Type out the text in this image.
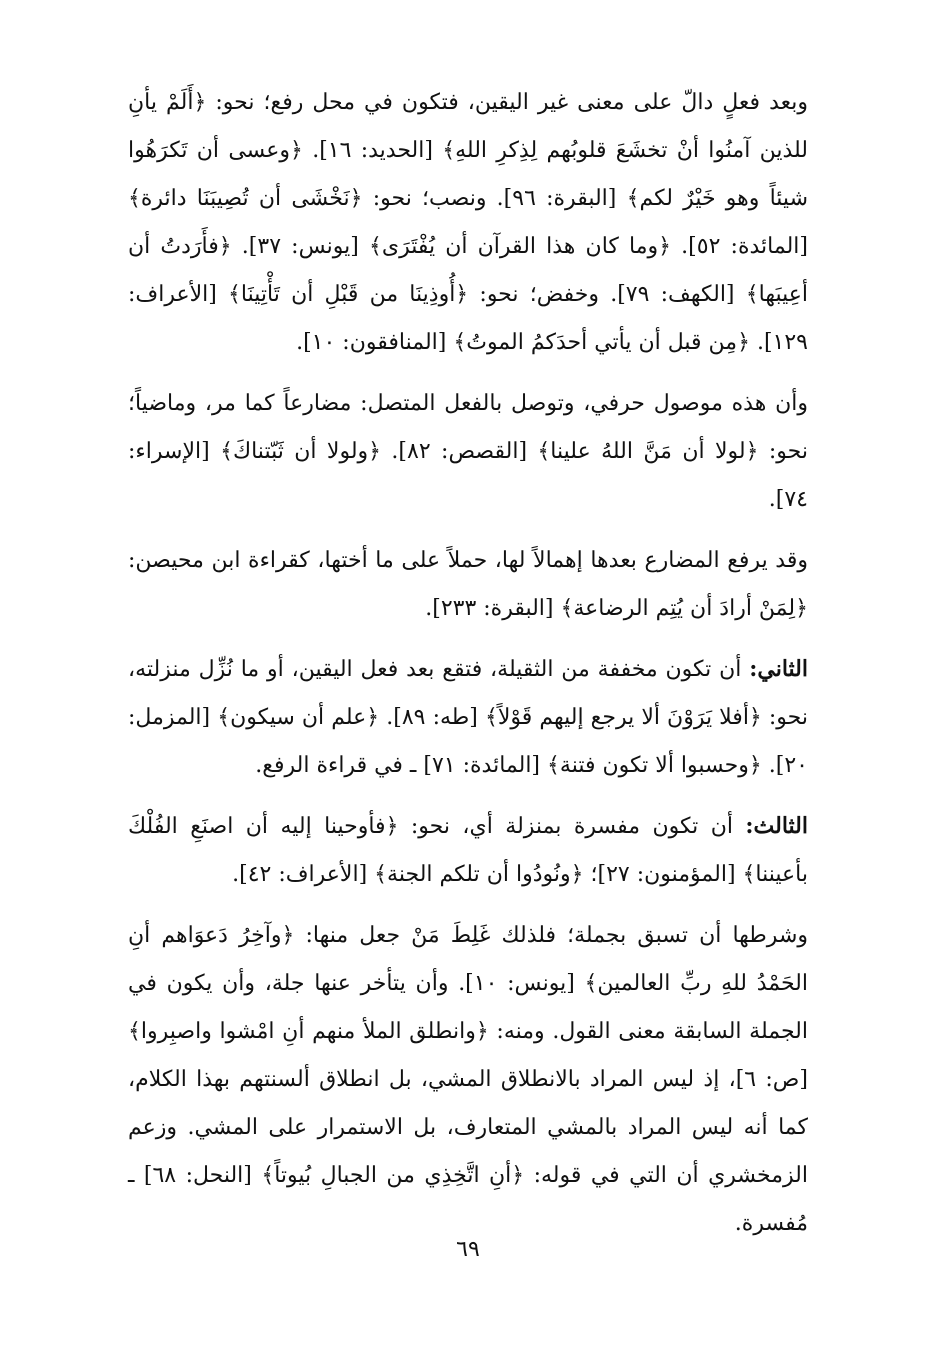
وبعد فعلٍ دالّ على معنى غير اليقين، فتكون في محل رفع؛ نحو: ﴿أَلَمْ يأنِ للذين آمنُوا أنْ تخشَعَ قلوبُهم لِذِكرِ اللهِ﴾ [الحديد: ١٦]. ﴿وعسى أن تَكرَهُوا شيئاً وهو خَيْرٌ لكم﴾ [البقرة: ٩٦]. ونصب؛ نحو: ﴿نَخْشَى أن تُصِيبَنَا دائرة﴾ [المائدة: ٥٢]. ﴿وما كان هذا القرآن أن يُفْتَرَى﴾ [يونس: ٣٧]. ﴿فأَرَدتُ أن أعِيبَها﴾ [الكهف: ٧٩]. وخفض؛ نحو: ﴿أُوذِينَا من قَبْلِ أن تَأْتِينَا﴾ [الأعراف: ١٢٩]. ﴿مِن قبل أن يأتي أحدَكمُ الموتُ﴾ [المنافقون: ١٠].

وأن هذه موصول حرفي، وتوصل بالفعل المتصل: مضارعاً كما مر، وماضياً؛ نحو: ﴿لولا أن مَنَّ اللهُ علينا﴾ [القصص: ٨٢]. ﴿ولولا أن ثَبّتناكَ﴾ [الإسراء: ٧٤].

وقد يرفع المضارع بعدها إهمالاً لها، حملاً على ما أختها، كقراءة ابن محيصن: ﴿لِمَنْ أرادَ أن يُتِم الرضاعة﴾ [البقرة: ٢٣٣].

الثاني: أن تكون مخففة من الثقيلة، فتقع بعد فعل اليقين، أو ما نُزِّل منزلته، نحو: ﴿أفلا يَرَوْنَ ألا يرجع إليهم قَوْلاً﴾ [طه: ٨٩]. ﴿علم أن سيكون﴾ [المزمل: ٢٠]. ﴿وحسبوا ألا تكون فتنة﴾ [المائدة: ٧١] ـ في قراءة الرفع.

الثالث: أن تكون مفسرة بمنزلة أي، نحو: ﴿فأوحينا إليه أن اصنَعِ الفُلْكَ بأعيننا﴾ [المؤمنون: ٢٧]؛ ﴿ونُودُوا أن تلكم الجنة﴾ [الأعراف: ٤٢].

وشرطها أن تسبق بجملة؛ فلذلك غَلِطَ مَنْ جعل منها: ﴿وآخِرُ دَعوَاهم أنِ الحَمْدُ للهِ ربِّ العالمين﴾ [يونس: ١٠]. وأن يتأخر عنها جلة، وأن يكون في الجملة السابقة معنى القول. ومنه: ﴿وانطلق الملأ منهم أنِ امْشوا واصبِروا﴾ [ص: ٦]، إذ ليس المراد بالانطلاق المشي، بل انطلاق ألسنتهم بهذا الكلام، كما أنه ليس المراد بالمشي المتعارف، بل الاستمرار على المشي. وزعم الزمخشري أن التي في قوله: ﴿أنِ اتَّخِذِي من الجبالِ بُيوتاً﴾ [النحل: ٦٨] ـ مُفسرة.

٦٩
